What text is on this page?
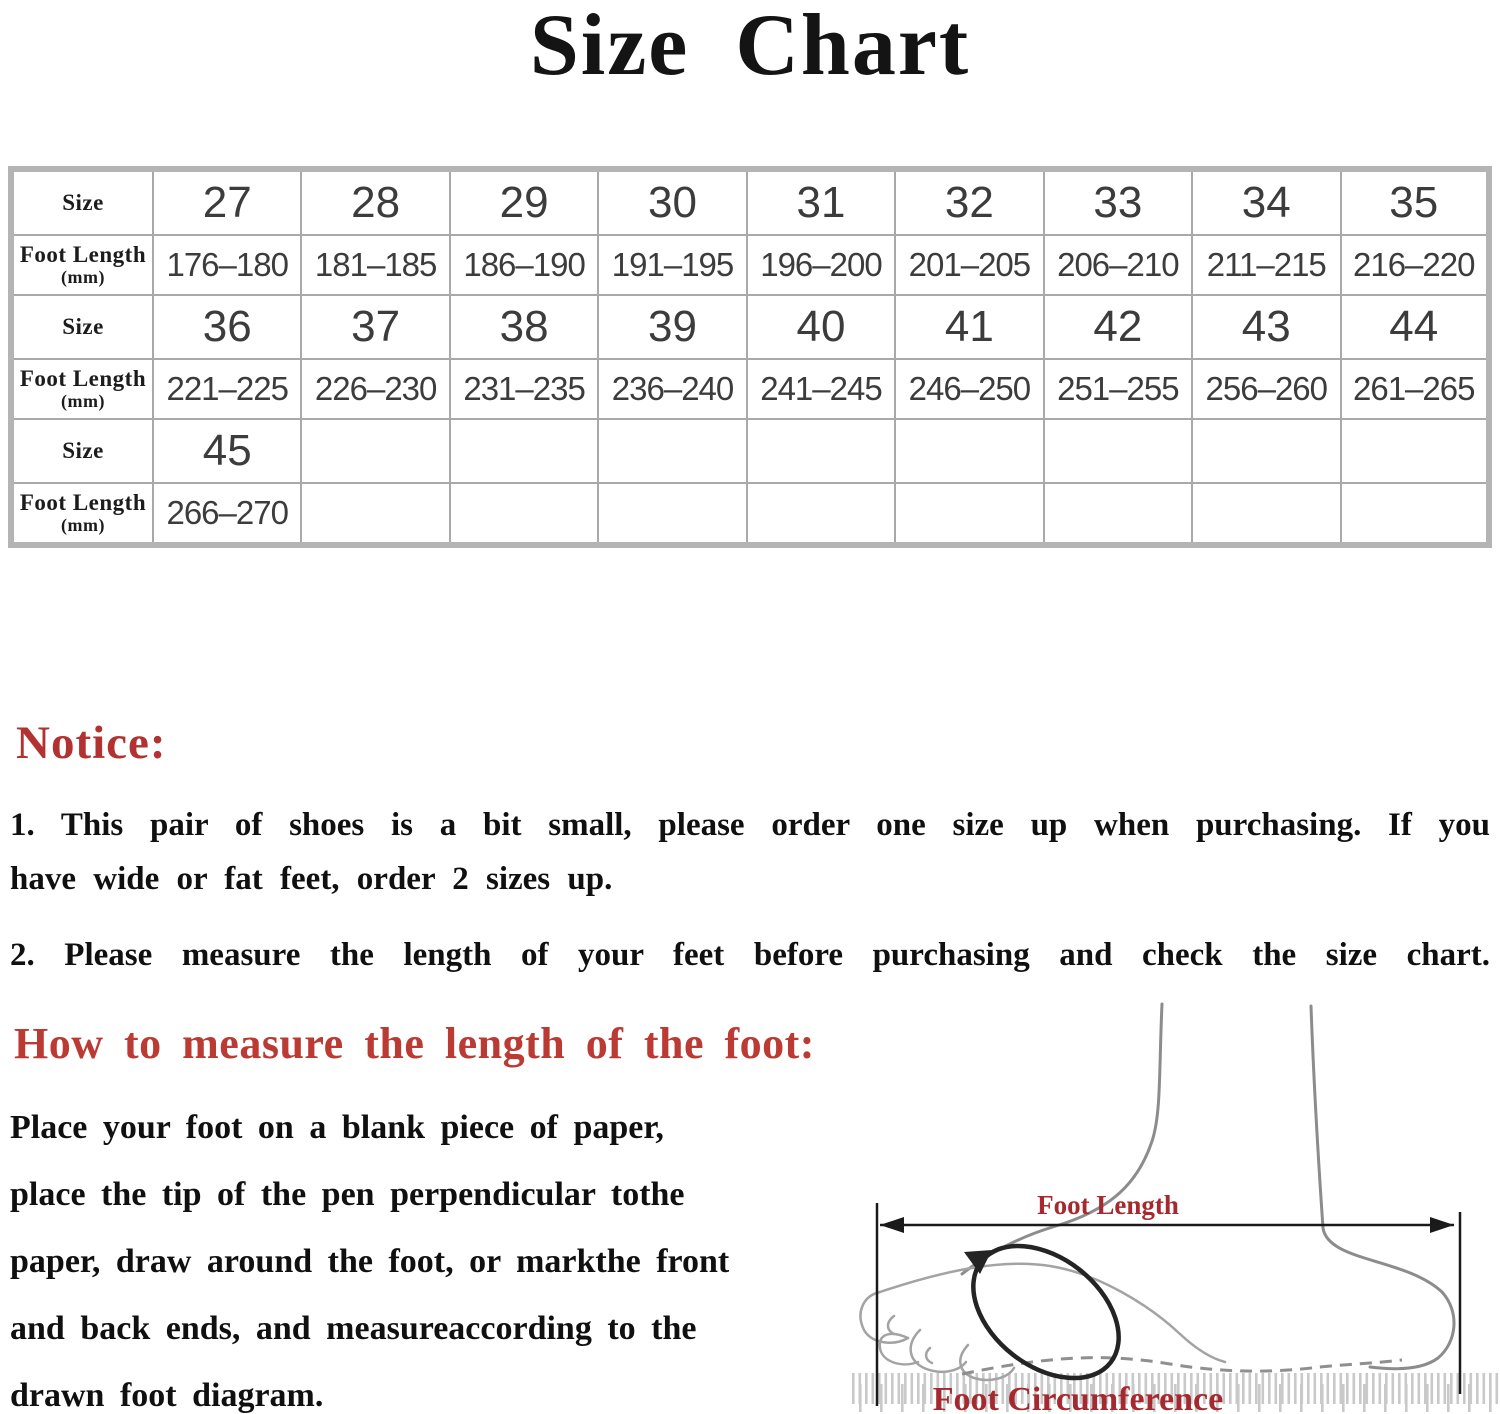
Size Chart
Size	27	28	29	30	31	32	33	34	35

Foot Length
(mm)	176–180	181–185	186–190	191–195	196–200	201–205	206–210	211–215	216–220
Size	36	37	38	39	40	41	42	43	44

Foot Length
(mm)	221–225	226–230	231–235	236–240	241–245	246–250	251–255	256–260	261–265
Size	45								

Foot Length
(mm)	266–270								
Notice:
1. This pair of shoes is a bit small, please order one size up when purchasing. If you
have wide or fat feet, order 2 sizes up.
2. Please measure the length of your feet before purchasing and check the size chart.
How to measure the length of the foot:
Place your foot on a blank piece of paper,
place the tip of the pen perpendicular tothe
paper, draw around the foot, or markthe front
and back ends, and measureaccording to the
drawn foot diagram.
Foot Length
Foot Circumference
